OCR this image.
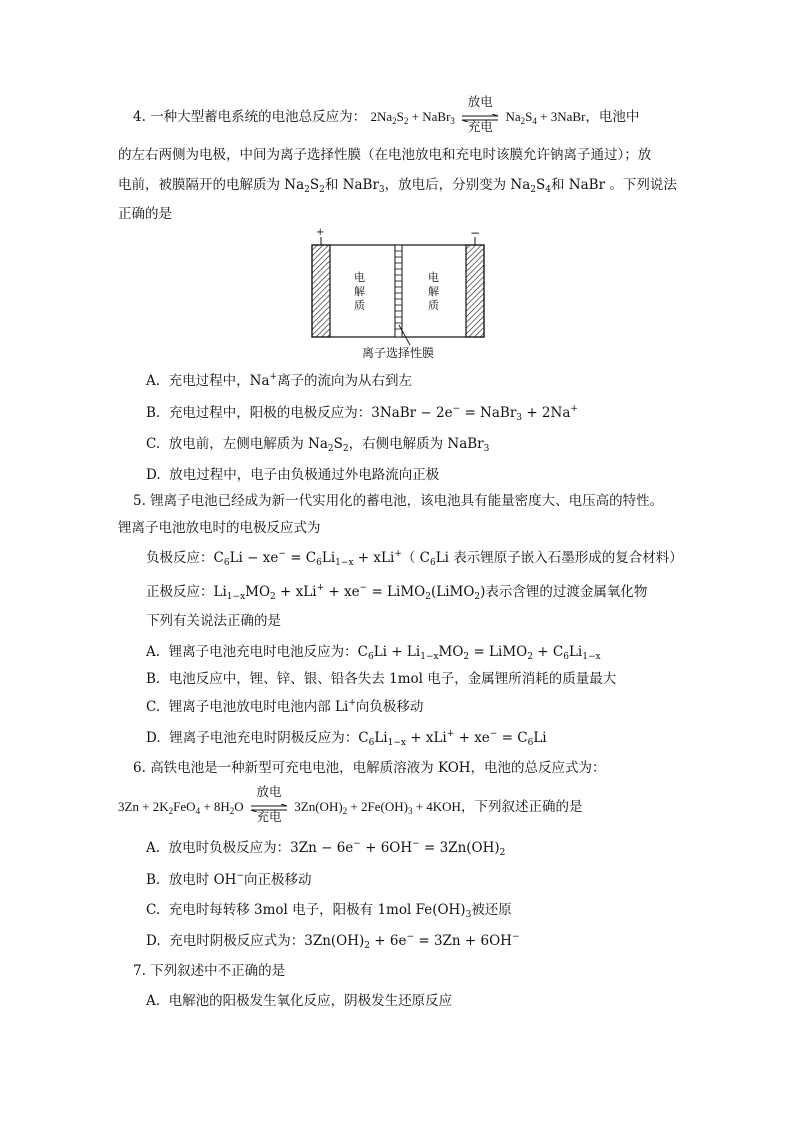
4. 一种大型蓄电系统的电池总反应为： $2Na_2S_2$ + NaBr$_3$
放电
充电
$Na_2S_4$ + 3NaBr，电池中
的左右两侧为电极，中间为离子选择性膜（在电池放电和充电时该膜允许钠离子通过）；放
电前，被膜隔开的电解质为 $Na_2S_2$和 NaBr$_3$，放电后，分别变为 $Na_2S_4$和 NaBr 。下列说法
正确的是
+	−
电解质
电解质
离子选择性膜
A. 充电过程中，Na+离子的流向为从右到左
B. 充电过程中，阳极的电极反应为：3NaBr − 2e− = NaBr$_3$ + 2Na+
C. 放电前，左侧电解质为 $Na_2S_2$，右侧电解质为 NaBr$_3$
D. 放电过程中，电子由负极通过外电路流向正极
5. 锂离子电池已经成为新一代实用化的蓄电池，该电池具有能量密度大、电压高的特性。
锂离子电池放电时的电极反应式为
负极反应：$C_6Li - xe^- = C_6Li_{1-x} + xLi^+$（ $C_6Li$ 表示锂原子嵌入石墨形成的复合材料）
正极反应：$Li_{1-x}MO_2 + xLi^+ + xe^-$ = LiMO$_2$(LiMO$_2$)表示含锂的过渡金属氧化物
下列有关说法正确的是
A. 锂离子电池充电时电池反应为：$C_6Li + Li_{1-x}MO_2$ = LiMO$_2$ + $C_6Li_{1-x}$
B. 电池反应中，锂、锌、银、铅各失去 1mol 电子，金属锂所消耗的质量最大
C. 锂离子电池放电时电池内部 Li+向负极移动
D. 锂离子电池充电时阴极反应为：$C_6Li_{1-x} + xLi^+ + xe^- = C_6Li$
6. 高铁电池是一种新型可充电电池，电解质溶液为 KOH，电池的总反应式为：
$3Zn + 2K_2FeO_4 + 8H_2O$
放电
充电
$3Zn(OH)_2 + 2Fe(OH)_3 + 4KOH$，下列叙述正确的是
A. 放电时负极反应为：$3Zn - 6e^- + 6OH^- = 3Zn(OH)_2$
B. 放电时 OH−向正极移动
C. 充电时每转移 3mol 电子，阳极有 1mol $Fe(OH)_3$被还原
D. 充电时阴极反应式为：$3Zn(OH)_2 + 6e^- = 3Zn + 6OH^-$
7. 下列叙述中不正确的是
A. 电解池的阳极发生氧化反应，阴极发生还原反应
